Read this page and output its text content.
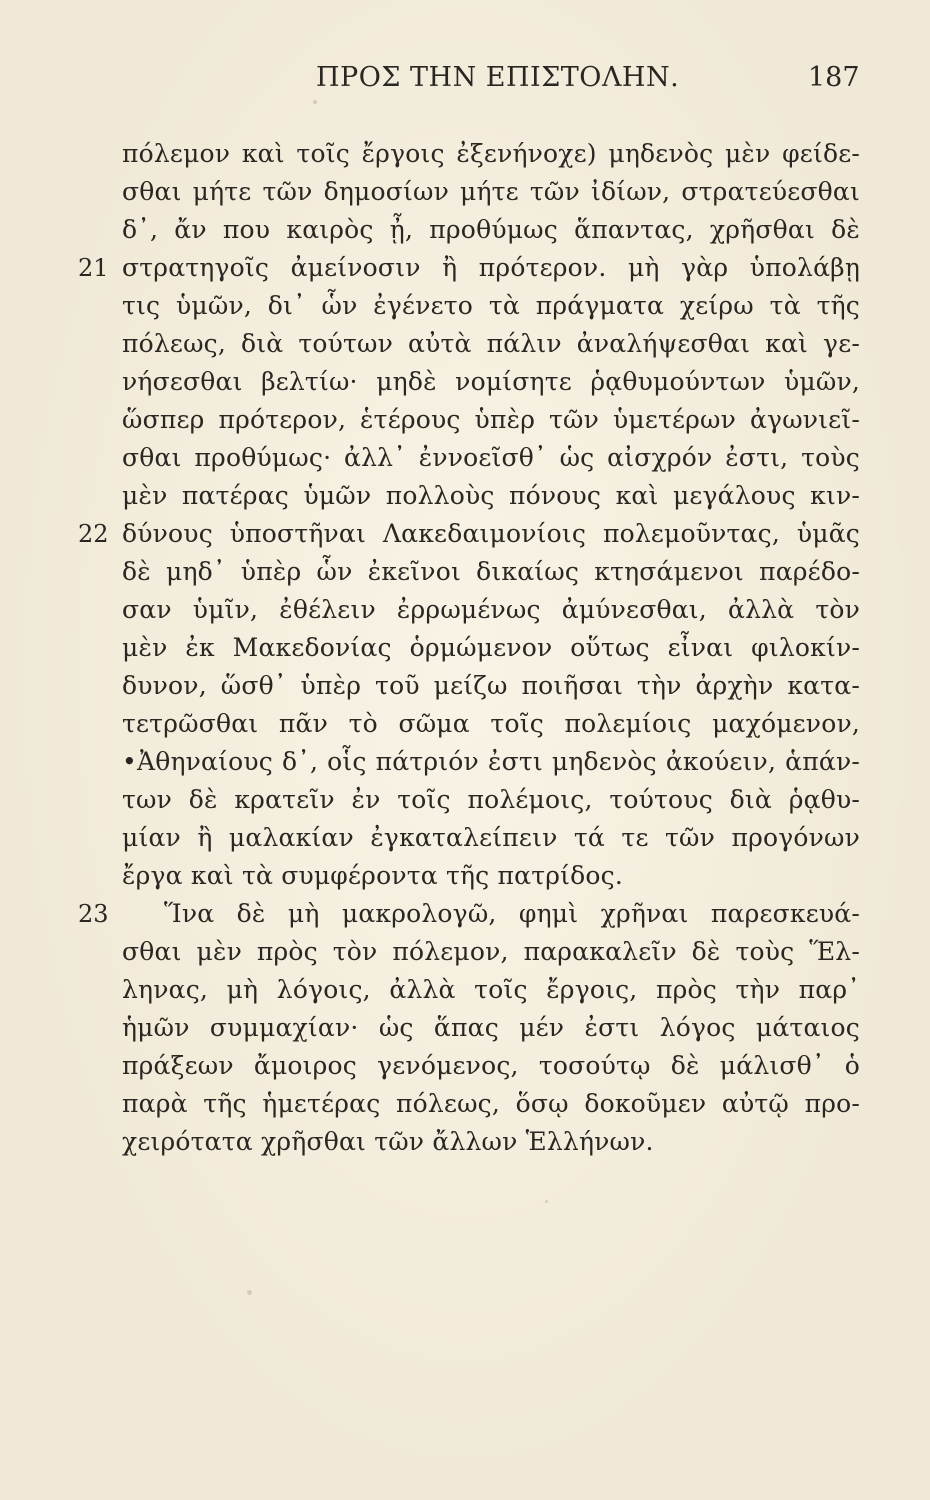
ΠΡΟΣ ΤΗΝ ΕΠΙΣΤΟΛΗΝ.	187
πόλεμον καὶ τοῖς ἔργοις ἐξενήνοχε) μηδενὸς μὲν φείδε-
σθαι μήτε τῶν δημοσίων μήτε τῶν ἰδίων, στρατεύεσθαι
δ᾽, ἄν που καιρὸς ᾖ, προθύμως ἅπαντας, χρῆσθαι δὲ
21 στρατηγοῖς ἀμείνοσιν ἢ πρότερον. μὴ γὰρ ὑπολάβῃ
τις ὑμῶν, δι᾽ ὧν ἐγένετο τὰ πράγματα χείρω τὰ τῆς
πόλεως, διὰ τούτων αὐτὰ πάλιν ἀναλήψεσθαι καὶ γε-
νήσεσθαι βελτίω· μηδὲ νομίσητε ῥᾳθυμούντων ὑμῶν,
ὥσπερ πρότερον, ἑτέρους ὑπὲρ τῶν ὑμετέρων ἀγωνιεῖ-
σθαι προθύμως· ἀλλ᾽ ἐννοεῖσθ᾽ ὡς αἰσχρόν ἐστι, τοὺς
μὲν πατέρας ὑμῶν πολλοὺς πόνους καὶ μεγάλους κιν-
22 δύνους ὑποστῆναι Λακεδαιμονίοις πολεμοῦντας, ὑμᾶς
δὲ μηδ᾽ ὑπὲρ ὧν ἐκεῖνοι δικαίως κτησάμενοι παρέδο-
σαν ὑμῖν, ἐθέλειν ἐρρωμένως ἀμύνεσθαι, ἀλλὰ τὸν
μὲν ἐκ Μακεδονίας ὁρμώμενον οὕτως εἶναι φιλοκίν-
δυνον, ὥσθ᾽ ὑπὲρ τοῦ μείζω ποιῆσαι τὴν ἀρχὴν κατα-
τετρῶσθαι πᾶν τὸ σῶμα τοῖς πολεμίοις μαχόμενον,
•Ἀθηναίους δ᾽, οἷς πάτριόν ἐστι μηδενὸς ἀκούειν, ἁπάν-
των δὲ κρατεῖν ἐν τοῖς πολέμοις, τούτους διὰ ῥᾳθυ-
μίαν ἢ μαλακίαν ἐγκαταλείπειν τά τε τῶν προγόνων
ἔργα καὶ τὰ συμφέροντα τῆς πατρίδος.
23	Ἵνα δὲ μὴ μακρολογῶ, φημὶ χρῆναι παρεσκευά-
σθαι μὲν πρὸς τὸν πόλεμον, παρακαλεῖν δὲ τοὺς Ἕλ-
ληνας, μὴ λόγοις, ἀλλὰ τοῖς ἔργοις, πρὸς τὴν παρ᾽
ἡμῶν συμμαχίαν· ὡς ἅπας μέν ἐστι λόγος μάταιος
πράξεων ἄμοιρος γενόμενος, τοσούτῳ δὲ μάλισθ᾽ ὁ
παρὰ τῆς ἡμετέρας πόλεως, ὅσῳ δοκοῦμεν αὐτῷ προ-
χειρότατα χρῆσθαι τῶν ἄλλων Ἑλλήνων.
